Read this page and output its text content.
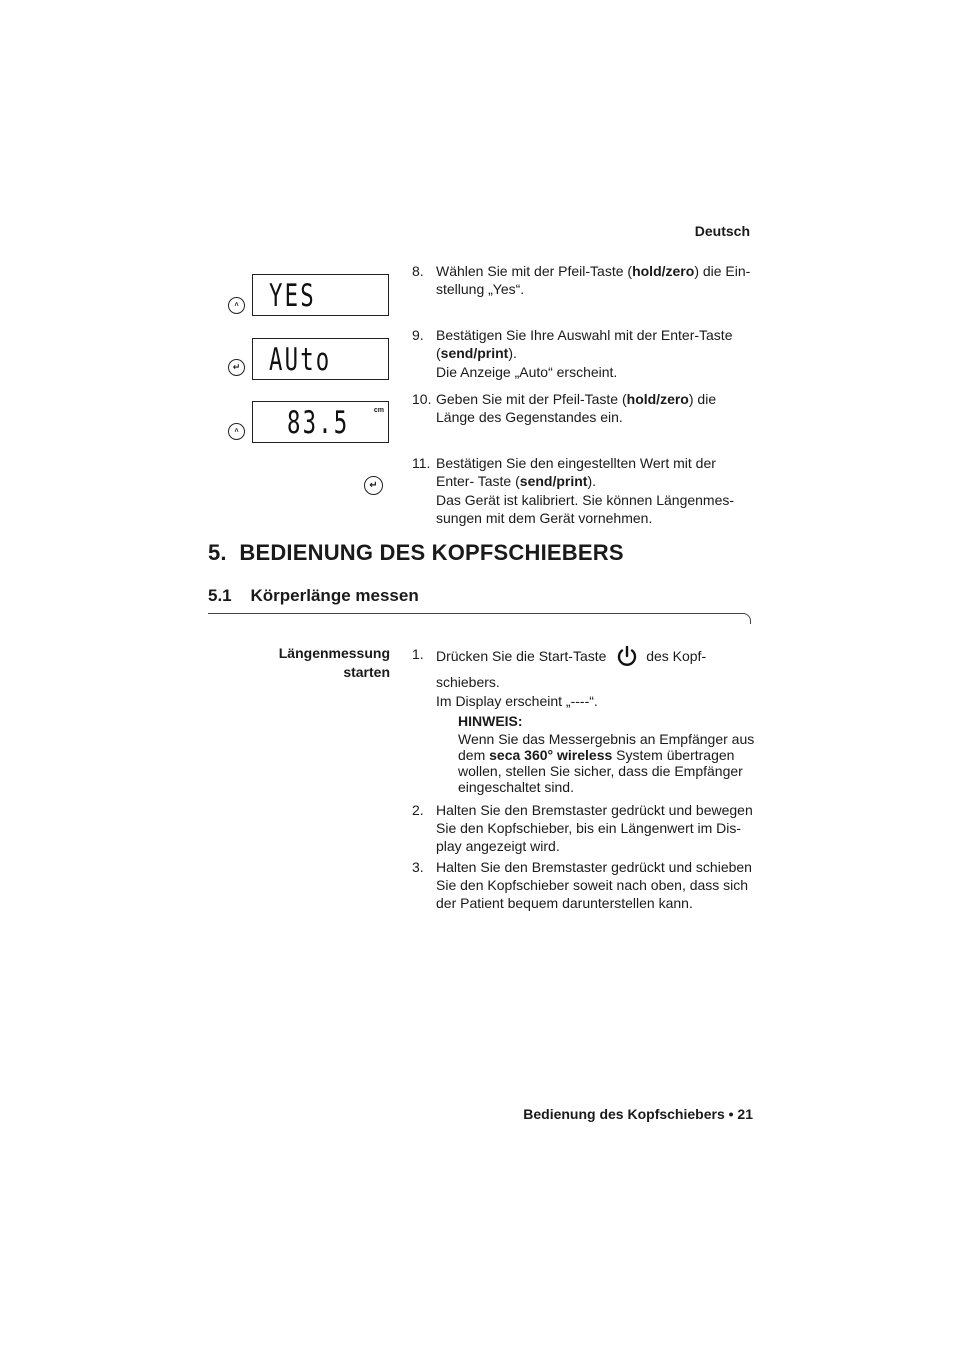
Deutsch
˄ YES
↵ AUto
˄ 83.5	cm
↵
8. Wählen Sie mit der Pfeil-Taste (hold/zero) die Ein- stellung „Yes“.
9. Bestätigen Sie Ihre Auswahl mit der Enter-Taste (send/print).
Die Anzeige „Auto“ erscheint.
10. Geben Sie mit der Pfeil-Taste (hold/zero) die Länge des Gegenstandes ein.
11. Bestätigen Sie den eingestellten Wert mit der Enter- Taste (send/print).
Das Gerät ist kalibriert. Sie können Längenmes- sungen mit dem Gerät vornehmen.
5.  BEDIENUNG DES KOPFSCHIEBERS
5.1    Körperlänge messen
Längenmessung
starten
1. Drücken Sie die Start-Taste	des Kopf-
schiebers.
Im Display erscheint „----“.
HINWEIS:
Wenn Sie das Messergebnis an Empfänger aus dem seca 360° wireless System übertragen wollen, stellen Sie sicher, dass die Empfänger eingeschaltet sind.
2. Halten Sie den Bremstaster gedrückt und bewegen Sie den Kopfschieber, bis ein Längenwert im Dis- play angezeigt wird.
3. Halten Sie den Bremstaster gedrückt und schieben Sie den Kopfschieber soweit nach oben, dass sich der Patient bequem darunterstellen kann.
Bedienung des Kopfschiebers • 21
